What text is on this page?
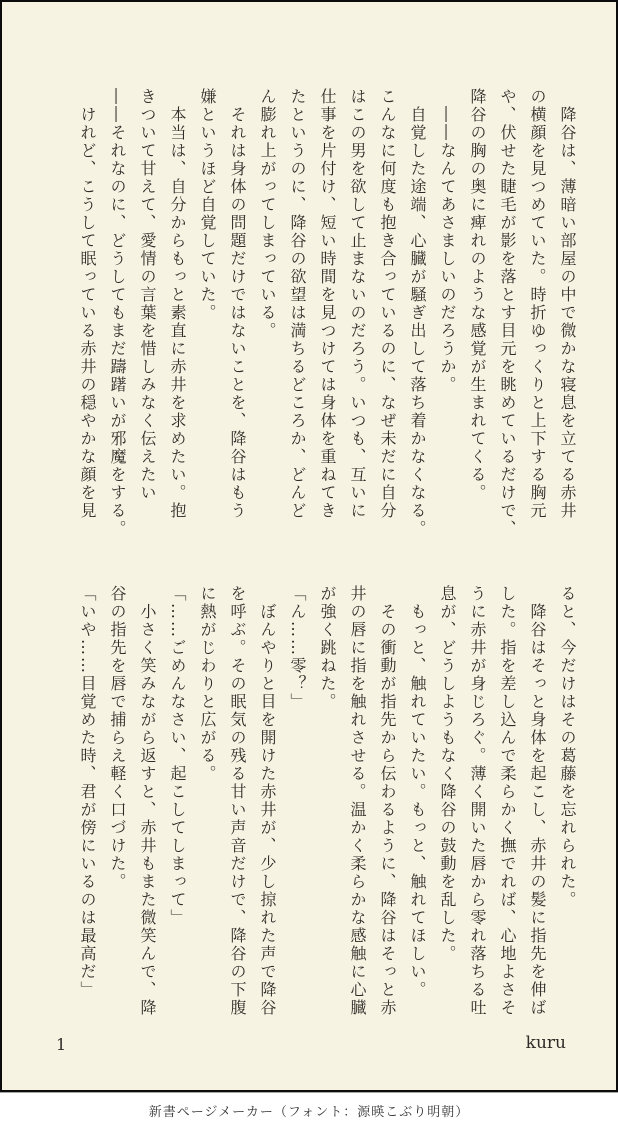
　降谷は、薄暗い部屋の中で微かな寝息を立てる赤井
の横顔を見つめていた。時折ゆっくりと上下する胸元
や、伏せた睫毛が影を落とす目元を眺めているだけで、
降谷の胸の奥に痺れのような感覚が生まれてくる。
　――なんてあさましいのだろうか。
　自覚した途端、心臓が騒ぎ出して落ち着かなくなる。
こんなに何度も抱き合っているのに、なぜ未だに自分
はこの男を欲して止まないのだろう。いつも、互いに
仕事を片付け、短い時間を見つけては身体を重ねてき
たというのに、降谷の欲望は満ちるどころか、どんど
ん膨れ上がってしまっている。
　それは身体の問題だけではないことを、降谷はもう
嫌というほど自覚していた。
　本当は、自分からもっと素直に赤井を求めたい。抱
きついて甘えて、愛情の言葉を惜しみなく伝えたい
――それなのに、どうしてもまだ躊躇いが邪魔をする。
　けれど、こうして眠っている赤井の穏やかな顔を見
ると、今だけはその葛藤を忘れられた。
　降谷はそっと身体を起こし、赤井の髪に指先を伸ば
した。指を差し込んで柔らかく撫でれば、心地よさそ
うに赤井が身じろぐ。薄く開いた唇から零れ落ちる吐
息が、どうしようもなく降谷の鼓動を乱した。
　もっと、触れていたい。もっと、触れてほしい。
　その衝動が指先から伝わるように、降谷はそっと赤
井の唇に指を触れさせる。温かく柔らかな感触に心臓
が強く跳ねた。
「ん……零？」
　ぼんやりと目を開けた赤井が、少し掠れた声で降谷
を呼ぶ。その眠気の残る甘い声音だけで、降谷の下腹
に熱がじわりと広がる。
「……ごめんなさい、起こしてしまって」
　小さく笑みながら返すと、赤井もまた微笑んで、降
谷の指先を唇で捕らえ軽く口づけた。
「いや……目覚めた時、君が傍にいるのは最高だ」
1	kuru
新書ページメーカー（フォント：源暎こぶり明朝）
